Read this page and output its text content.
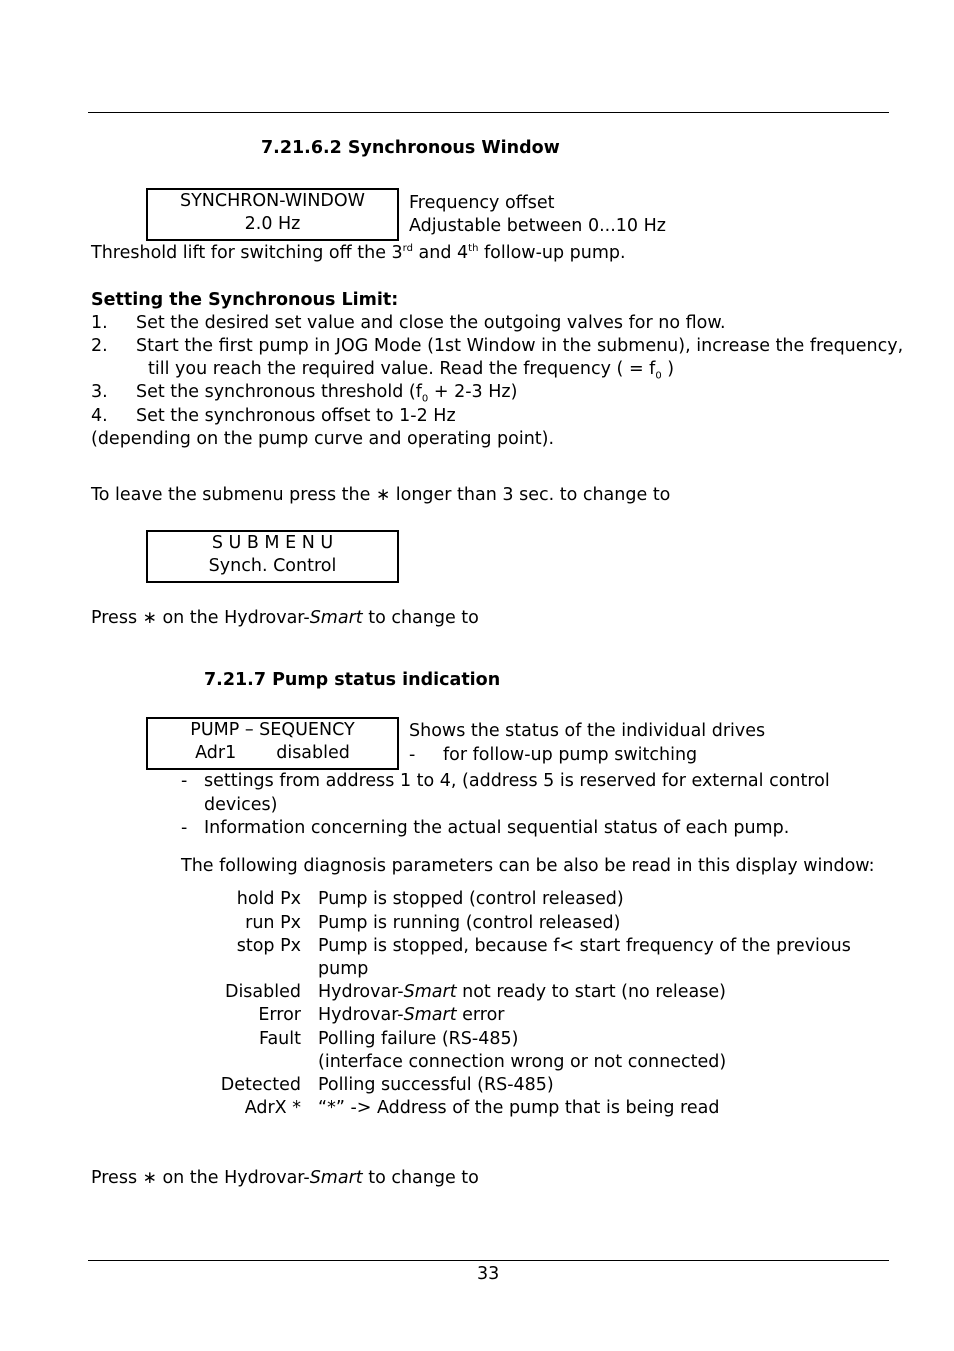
7.21.6.2 Synchronous Window
SYNCHRON-WINDOW
2.0 Hz
Frequency offset
Adjustable between 0...10 Hz
Threshold lift for switching off the 3rd and 4th follow-up pump.
Setting the Synchronous Limit:
1. Set the desired set value and close the outgoing valves for no flow.
2. Start the first pump in JOG Mode (1st Window in the submenu), increase the frequency,
till you reach the required value. Read the frequency ( = $f_0$ )
3. Set the synchronous threshold ($f_0 + 2-3$ Hz)
4. Set the synchronous offset to 1-2 Hz
(depending on the pump curve and operating point).
To leave the submenu press the ∗ longer than 3 sec. to change to
S U B M E N U
Synch. Control
Press ∗ on the Hydrovar-Smart to change to
7.21.7 Pump status indication
PUMP – SEQUENCY
Adr1 disabled
Shows the status of the individual drives
- for follow-up pump switching
- settings from address 1 to 4, (address 5 is reserved for external control
devices)
- Information concerning the actual sequential status of each pump.
The following diagnosis parameters can be also be read in this display window:
hold Px Pump is stopped (control released)
run Px Pump is running (control released)
stop Px Pump is stopped, because f< start frequency of the previous
pump
Disabled Hydrovar-Smart not ready to start (no release)
Error Hydrovar-Smart error
Fault Polling failure (RS-485)
(interface connection wrong or not connected)
Detected Polling successful (RS-485)
AdrX * “*” -> Address of the pump that is being read
Press ∗ on the Hydrovar-Smart to change to
33
